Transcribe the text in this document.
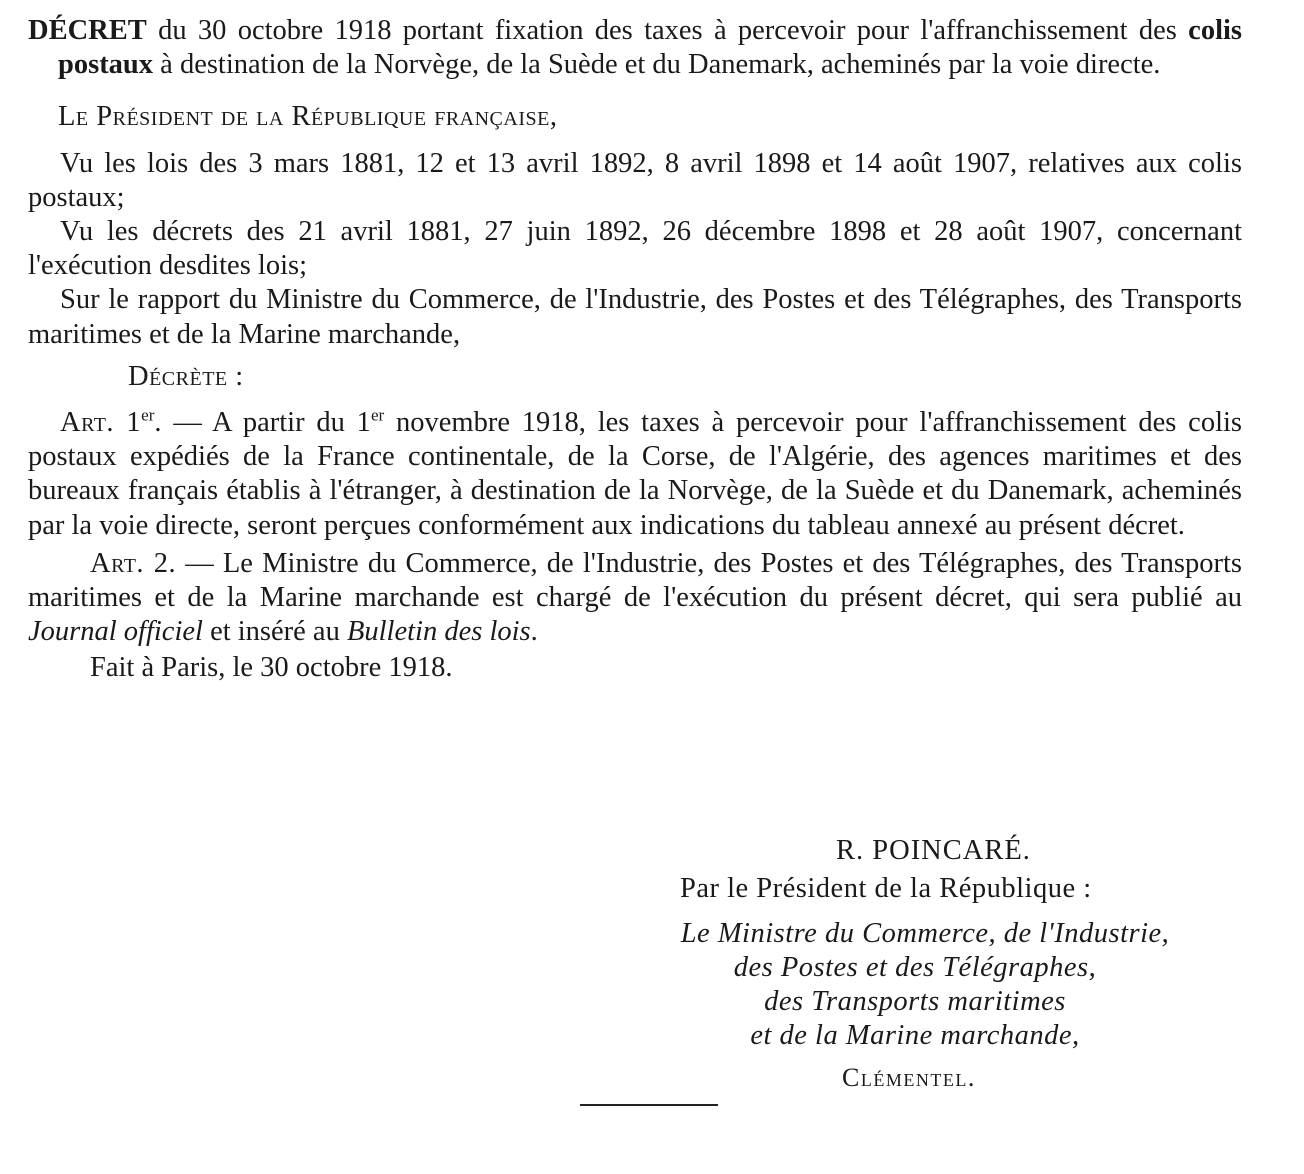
DÉCRET du 30 octobre 1918 portant fixation des taxes à percevoir pour l'affranchissement des colis postaux à destination de la Norvège, de la Suède et du Danemark, acheminés par la voie directe.

Le Président de la République française,

Vu les lois des 3 mars 1881, 12 et 13 avril 1892, 8 avril 1898 et 14 août 1907, relatives aux colis postaux;

Vu les décrets des 21 avril 1881, 27 juin 1892, 26 décembre 1898 et 28 août 1907, concernant l'exécution desdites lois;

Sur le rapport du Ministre du Commerce, de l'Industrie, des Postes et des Télégraphes, des Transports maritimes et de la Marine marchande,

Décrète :

Art. 1er. — A partir du 1er novembre 1918, les taxes à percevoir pour l'affranchissement des colis postaux expédiés de la France continentale, de la Corse, de l'Algérie, des agences maritimes et des bureaux français établis à l'étranger, à destination de la Norvège, de la Suède et du Danemark, acheminés par la voie directe, seront perçues conformément aux indications du tableau annexé au présent décret.

Art. 2. — Le Ministre du Commerce, de l'Industrie, des Postes et des Télégraphes, des Transports maritimes et de la Marine marchande est chargé de l'exécution du présent décret, qui sera publié au Journal officiel et inséré au Bulletin des lois.

Fait à Paris, le 30 octobre 1918.

R. POINCARÉ.
Par le Président de la République :
Le Ministre du Commerce, de l'Industrie,
des Postes et des Télégraphes,
des Transports maritimes
et de la Marine marchande,
Clémentel.
